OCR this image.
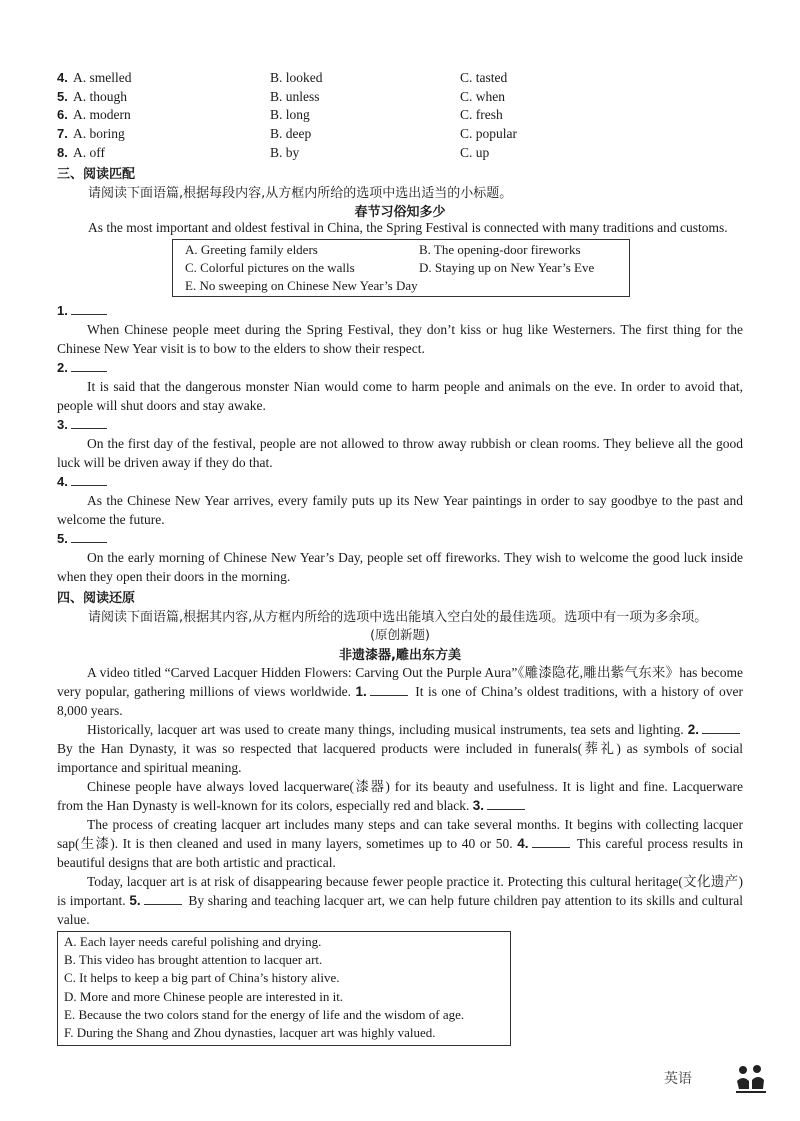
4. A. smelled	B. looked	C. tasted
5. A. though	B. unless	C. when
6. A. modern	B. long	C. fresh
7. A. boring	B. deep	C. popular
8. A. off	B. by	C. up
三、阅读匹配
请阅读下面语篇,根据每段内容,从方框内所给的选项中选出适当的小标题。
春节习俗知多少
As the most important and oldest festival in China, the Spring Festival is connected with many traditions and customs.
A. Greeting family elders	B. The opening-door fireworks
C. Colorful pictures on the walls	D. Staying up on New Year’s Eve
E. No sweeping on Chinese New Year’s Day
1.
When Chinese people meet during the Spring Festival, they don’t kiss or hug like Westerners. The first thing for the Chinese New Year visit is to bow to the elders to show their respect.
2.
It is said that the dangerous monster Nian would come to harm people and animals on the eve. In order to avoid that, people will shut doors and stay awake.
3.
On the first day of the festival, people are not allowed to throw away rubbish or clean rooms. They believe all the good luck will be driven away if they do that.
4.
As the Chinese New Year arrives, every family puts up its New Year paintings in order to say goodbye to the past and welcome the future.
5.
On the early morning of Chinese New Year’s Day, people set off fireworks. They wish to welcome the good luck inside when they open their doors in the morning.
四、阅读还原
请阅读下面语篇,根据其内容,从方框内所给的选项中选出能填入空白处的最佳选项。选项中有一项为多余项。
(原创新题)
非遗漆器,雕出东方美
A video titled “Carved Lacquer Hidden Flowers: Carving Out the Purple Aura”《雕漆隐花,雕出紫气东来》has become very popular, gathering millions of views worldwide. 1.	It is one of China’s oldest traditions, with a history of over 8,000 years.
Historically, lacquer art was used to create many things, including musical instruments, tea sets and lighting. 2. By the Han Dynasty, it was so respected that lacquered products were included in funerals(葬礼) as symbols of social importance and spiritual meaning.
Chinese people have always loved lacquerware(漆器) for its beauty and usefulness. It is light and fine. Lacquerware from the Han Dynasty is well-known for its colors, especially red and black. 3.
The process of creating lacquer art includes many steps and can take several months. It begins with collecting lacquer sap(生漆). It is then cleaned and used in many layers, sometimes up to 40 or 50. 4.	This careful process results in beautiful designs that are both artistic and practical.
Today, lacquer art is at risk of disappearing because fewer people practice it. Protecting this cultural heritage(文化遗产) is important. 5.	By sharing and teaching lacquer art, we can help future children pay attention to its skills and cultural value.
A. Each layer needs careful polishing and drying.
B. This video has brought attention to lacquer art.
C. It helps to keep a big part of China’s history alive.
D. More and more Chinese people are interested in it.
E. Because the two colors stand for the energy of life and the wisdom of age.
F. During the Shang and Zhou dynasties, lacquer art was highly valued.
英语
